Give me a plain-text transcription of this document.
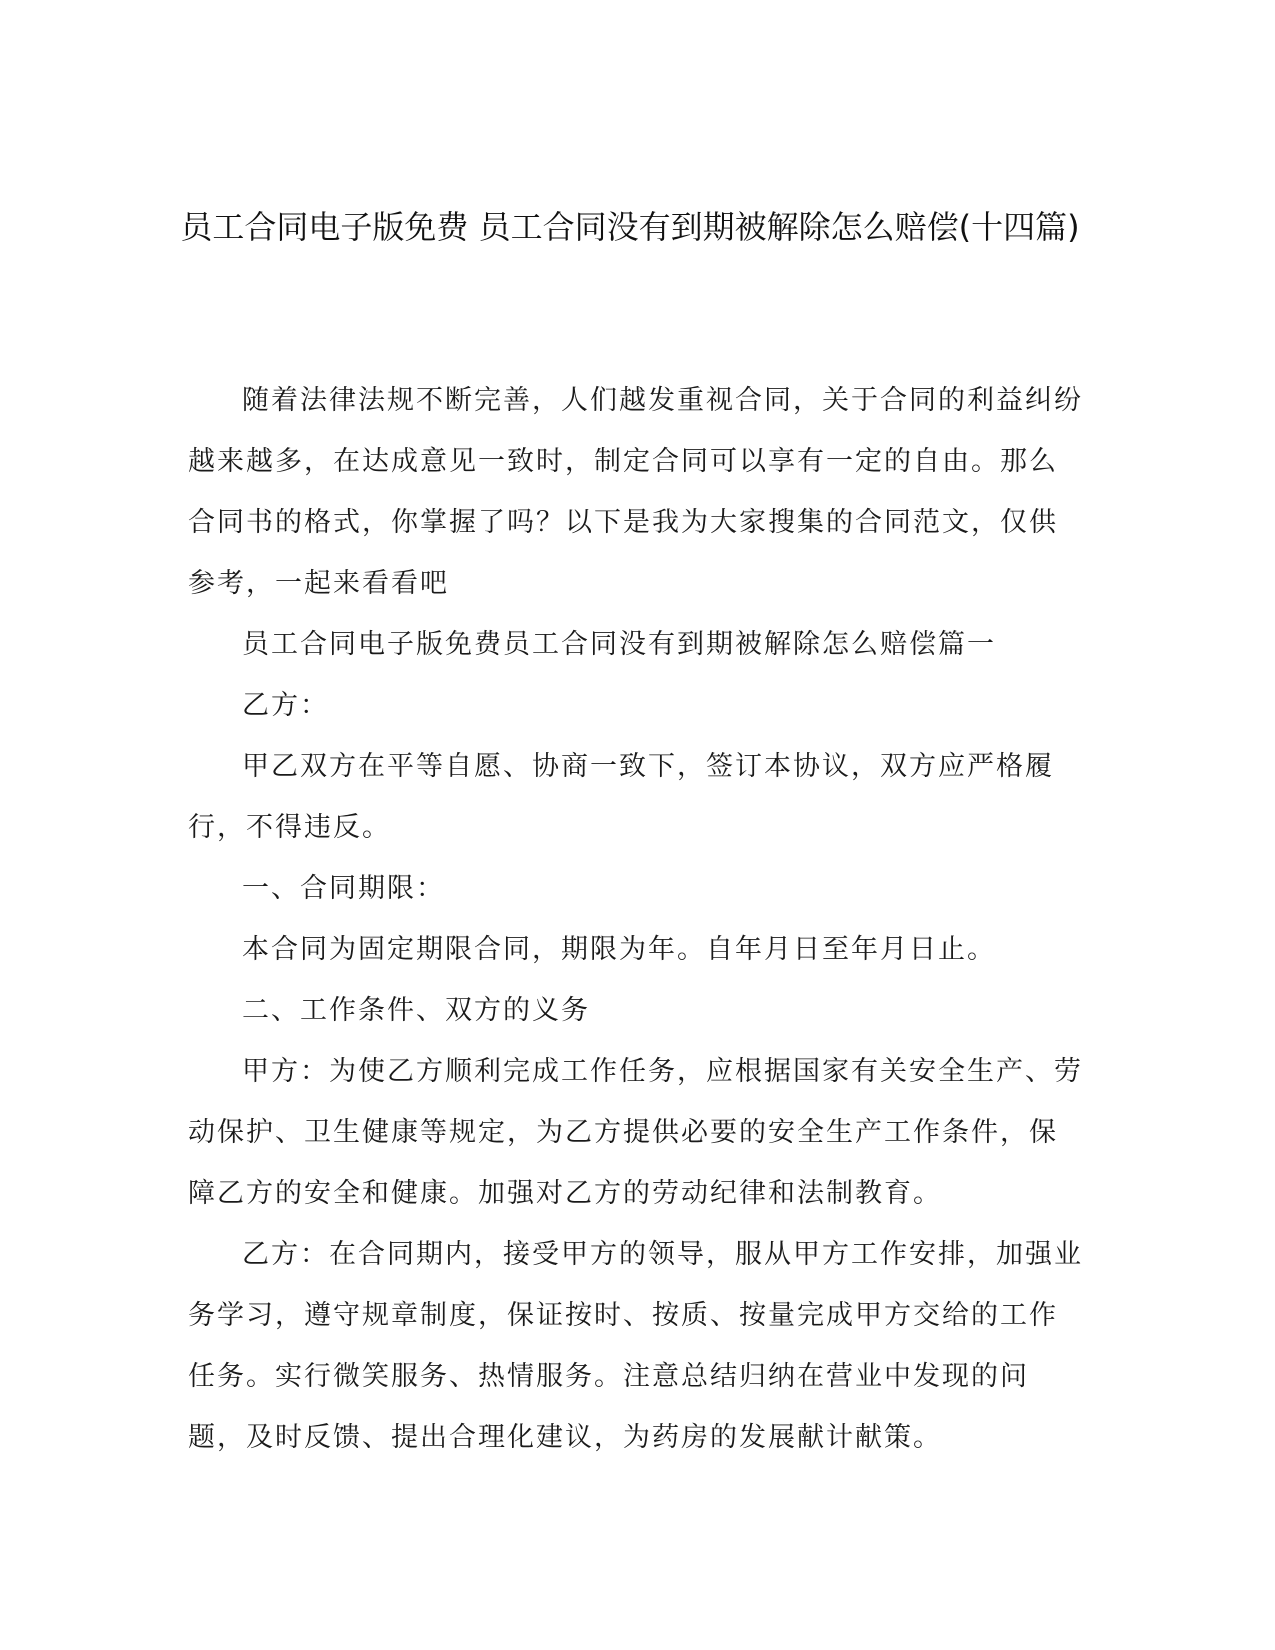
员工合同电子版免费 员工合同没有到期被解除怎么赔偿(十四篇)

随着法律法规不断完善，人们越发重视合同，关于合同的利益纠纷越来越多，在达成意见一致时，制定合同可以享有一定的自由。那么合同书的格式，你掌握了吗？以下是我为大家搜集的合同范文，仅供参考，一起来看看吧

员工合同电子版免费员工合同没有到期被解除怎么赔偿篇一

乙方：

甲乙双方在平等自愿、协商一致下，签订本协议，双方应严格履行，不得违反。

一、合同期限：

本合同为固定期限合同，期限为年。自年月日至年月日止。

二、工作条件、双方的义务

甲方：为使乙方顺利完成工作任务，应根据国家有关安全生产、劳动保护、卫生健康等规定，为乙方提供必要的安全生产工作条件，保障乙方的安全和健康。加强对乙方的劳动纪律和法制教育。

乙方：在合同期内，接受甲方的领导，服从甲方工作安排，加强业务学习，遵守规章制度，保证按时、按质、按量完成甲方交给的工作任务。实行微笑服务、热情服务。注意总结归纳在营业中发现的问题，及时反馈、提出合理化建议，为药房的发展献计献策。
